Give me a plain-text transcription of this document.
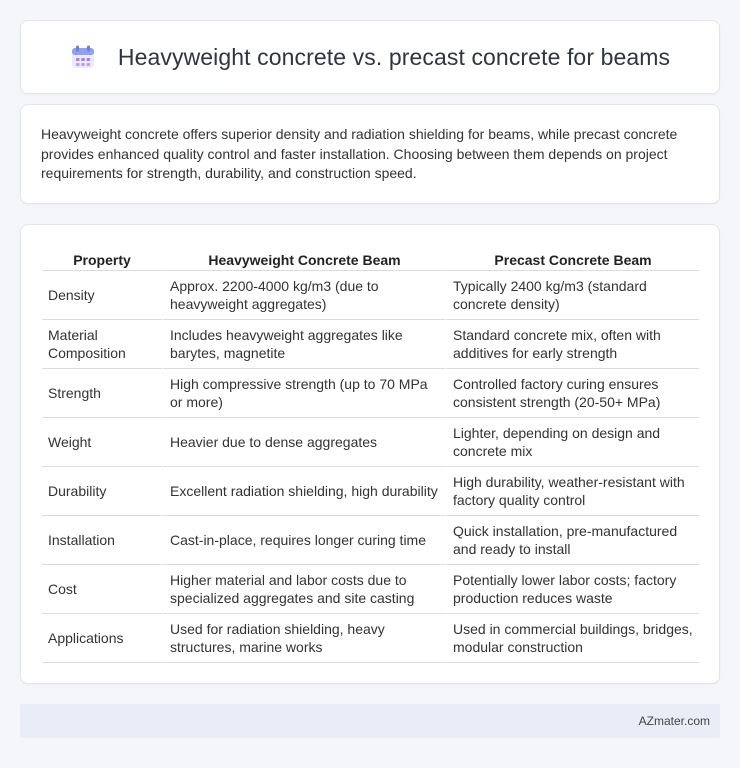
Heavyweight concrete vs. precast concrete for beams

Heavyweight concrete offers superior density and radiation shielding for beams, while precast concrete provides enhanced quality control and faster installation. Choosing between them depends on project requirements for strength, durability, and construction speed.

Property	Heavyweight Concrete Beam	Precast Concrete Beam
Density	Approx. 2200-4000 kg/m3 (due to heavyweight aggregates)	Typically 2400 kg/m3 (standard concrete density)
Material Composition	Includes heavyweight aggregates like barytes, magnetite	Standard concrete mix, often with additives for early strength
Strength	High compressive strength (up to 70 MPa or more)	Controlled factory curing ensures consistent strength (20-50+ MPa)
Weight	Heavier due to dense aggregates	Lighter, depending on design and concrete mix
Durability	Excellent radiation shielding, high durability	High durability, weather-resistant with factory quality control
Installation	Cast-in-place, requires longer curing time	Quick installation, pre-manufactured and ready to install
Cost	Higher material and labor costs due to specialized aggregates and site casting	Potentially lower labor costs; factory production reduces waste
Applications	Used for radiation shielding, heavy structures, marine works	Used in commercial buildings, bridges, modular construction
AZmater.com
